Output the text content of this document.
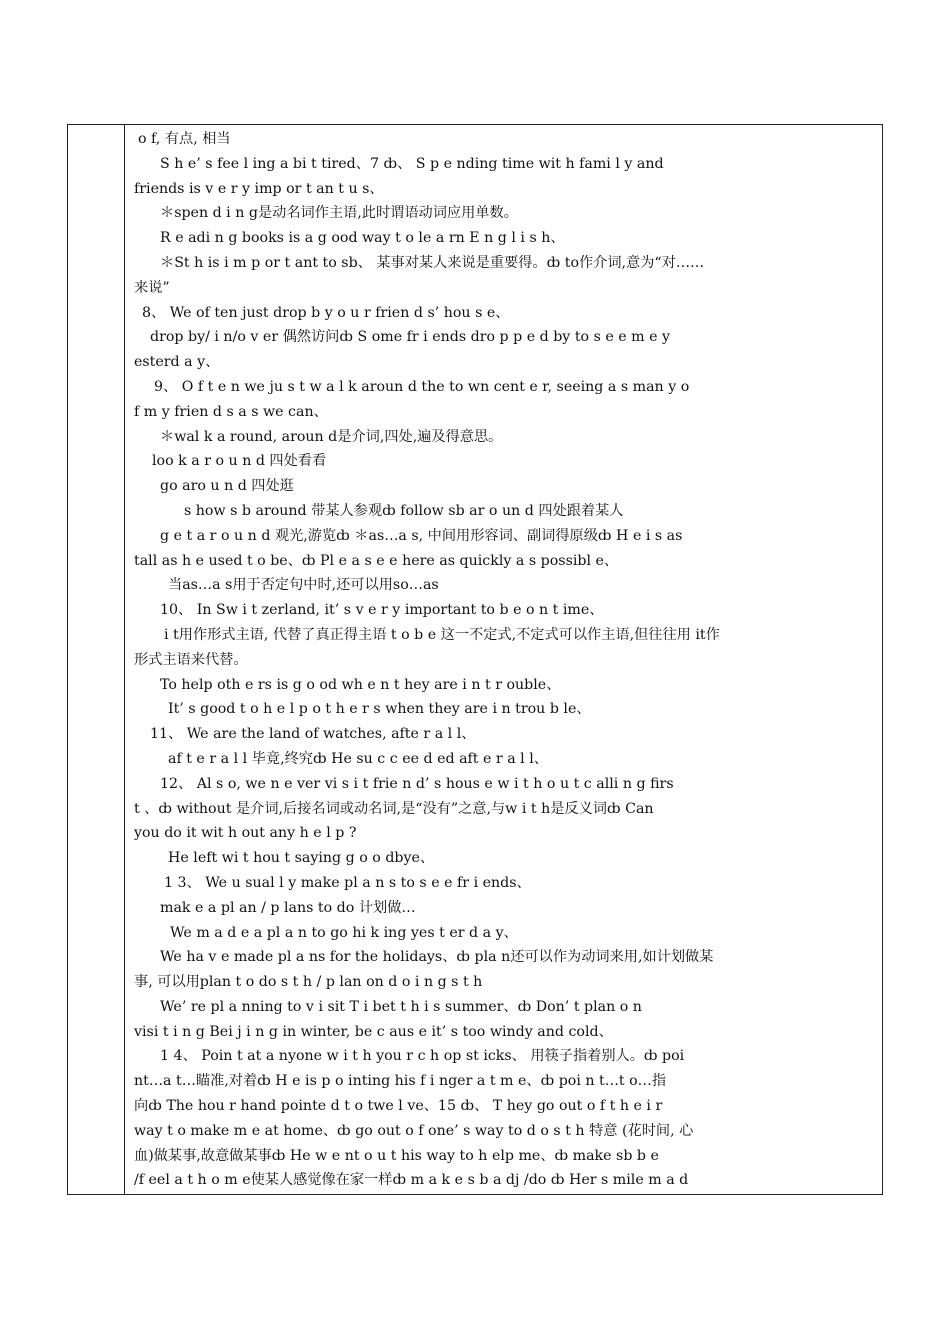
o f, 有点, 相当
S h e’ s fee l ing a bi t tired、7 ȸ、 S p e nding time wit h fami l y and
friends is v e r y imp or t an t u s、
＊spen d i n g是动名词作主语,此时谓语动词应用单数。
R e adi n g books is a g ood way t o le a rn E n g l i s h、
＊St h is i m p or t ant to sb、 某事对某人来说是重要得。ȸ to作介词,意为“对……
来说”
8、 We of ten just drop b y o u r frien d s’ hou s e、
drop by/ i n/o v er 偶然访问ȸ S ome fr i ends dro p p e d by to s e e m e y
esterd a y、
9、 O f t e n we ju s t w a l k aroun d the to wn cent e r, seeing a s man y o
f m y frien d s a s we can、
＊wal k a round, aroun d是介词,四处,遍及得意思。
loo k a r o u n d 四处看看
go aro u n d 四处逛
s how s b around 带某人参观ȸ follow sb ar o un d 四处跟着某人
g e t a r o u n d 观光,游览ȸ ＊as…a s, 中间用形容词、副词得原级ȸ H e i s as
tall as h e used t o be、ȸ Pl e a s e e here as quickly a s possibl e、
当as…a s用于否定句中时,还可以用so…as
10、 In Sw i t zerland, it’ s v e r y important to b e o n t ime、
i t用作形式主语, 代替了真正得主语 t o b e 这一不定式,不定式可以作主语,但往往用 it作
形式主语来代替。
To help oth e rs is g o od wh e n t hey are i n t r ouble、
It’ s good t o h e l p o t h e r s when they are i n trou b le、
11、 We are the land of watches, afte r a l l、
af t e r a l l 毕竟,终究ȸ He su c c ee d ed aft e r a l l、
12、 Al s o, we n e ver vi s i t frie n d’ s hous e w i t h o u t c alli n g firs
t 、ȸ without 是介词,后接名词或动名词,是“没有”之意,与w i t h是反义词ȸ Can
you do it wit h out any h e l p ?
He left wi t hou t saying g o o dbye、
1 3、 We u sual l y make pl a n s to s e e fr i ends、
mak e a pl an / p lans to do 计划做…
We m a d e a pl a n to go hi k ing yes t er d a y、
We ha v e made pl a ns for the holidays、ȸ pla n还可以作为动词来用,如计划做某
事, 可以用plan t o do s t h / p lan on d o i n g s t h
We’ re pl a nning to v i sit T i bet t h i s summer、ȸ Don’ t plan o n
visi t i n g Bei j i n g in winter, be c aus e it’ s too windy and cold、
1 4、 Poin t at a nyone w i t h you r c h op st icks、 用筷子指着别人。ȸ poi
nt…a t…瞄准,对着ȸ H e is p o inting his f i nger a t m e、ȸ poi n t…t o…指
向ȸ The hou r hand pointe d t o twe l ve、15 ȸ、 T hey go out o f t h e i r
way t o make m e at home、ȸ go out o f one’ s way to d o s t h 特意 (花时间, 心
血)做某事,故意做某事ȸ He w e nt o u t his way to h elp me、ȸ make sb b e
/f eel a t h o m e使某人感觉像在家一样ȸ m a k e s b a dj /do ȸ Her s mile m a d
